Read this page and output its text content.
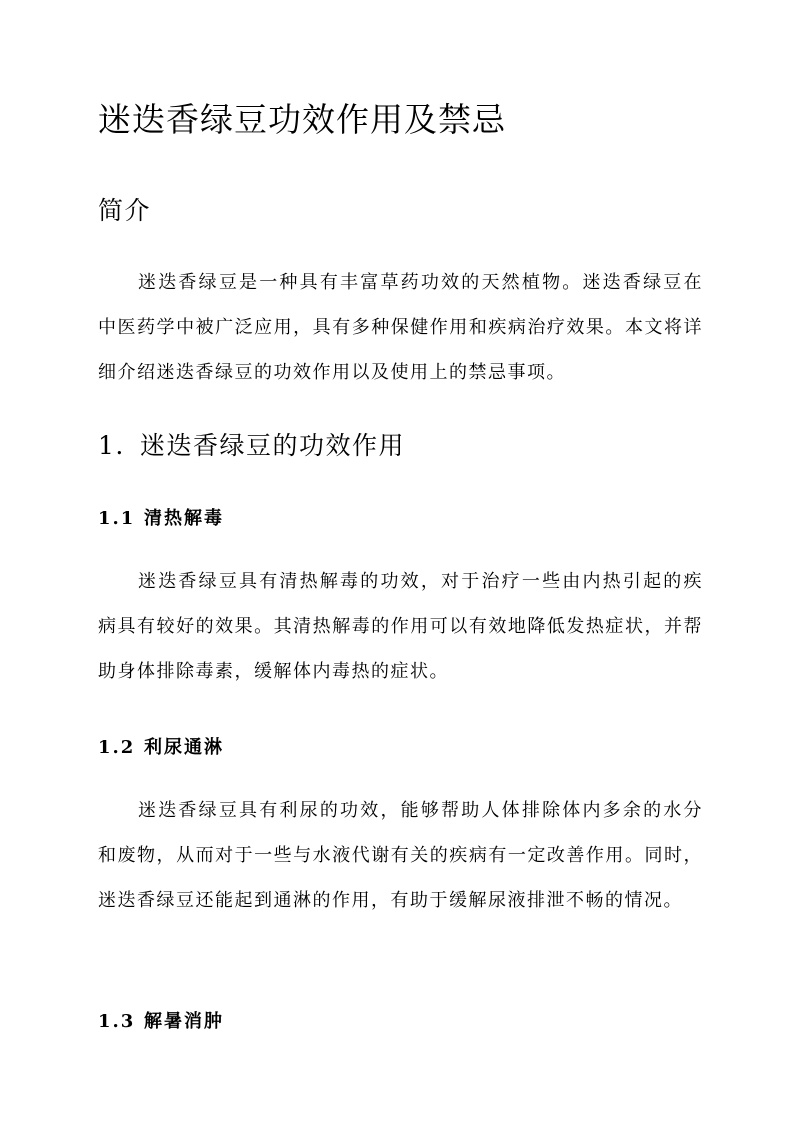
迷迭香绿豆功效作用及禁忌
简介

迷迭香绿豆是一种具有丰富草药功效的天然植物。迷迭香绿豆在中医药学中被广泛应用，具有多种保健作用和疾病治疗效果。本文将详细介绍迷迭香绿豆的功效作用以及使用上的禁忌事项。

1. 迷迭香绿豆的功效作用
1.1 清热解毒

迷迭香绿豆具有清热解毒的功效，对于治疗一些由内热引起的疾病具有较好的效果。其清热解毒的作用可以有效地降低发热症状，并帮助身体排除毒素，缓解体内毒热的症状。

1.2 利尿通淋

迷迭香绿豆具有利尿的功效，能够帮助人体排除体内多余的水分和废物，从而对于一些与水液代谢有关的疾病有一定改善作用。同时，迷迭香绿豆还能起到通淋的作用，有助于缓解尿液排泄不畅的情况。

1.3 解暑消肿
